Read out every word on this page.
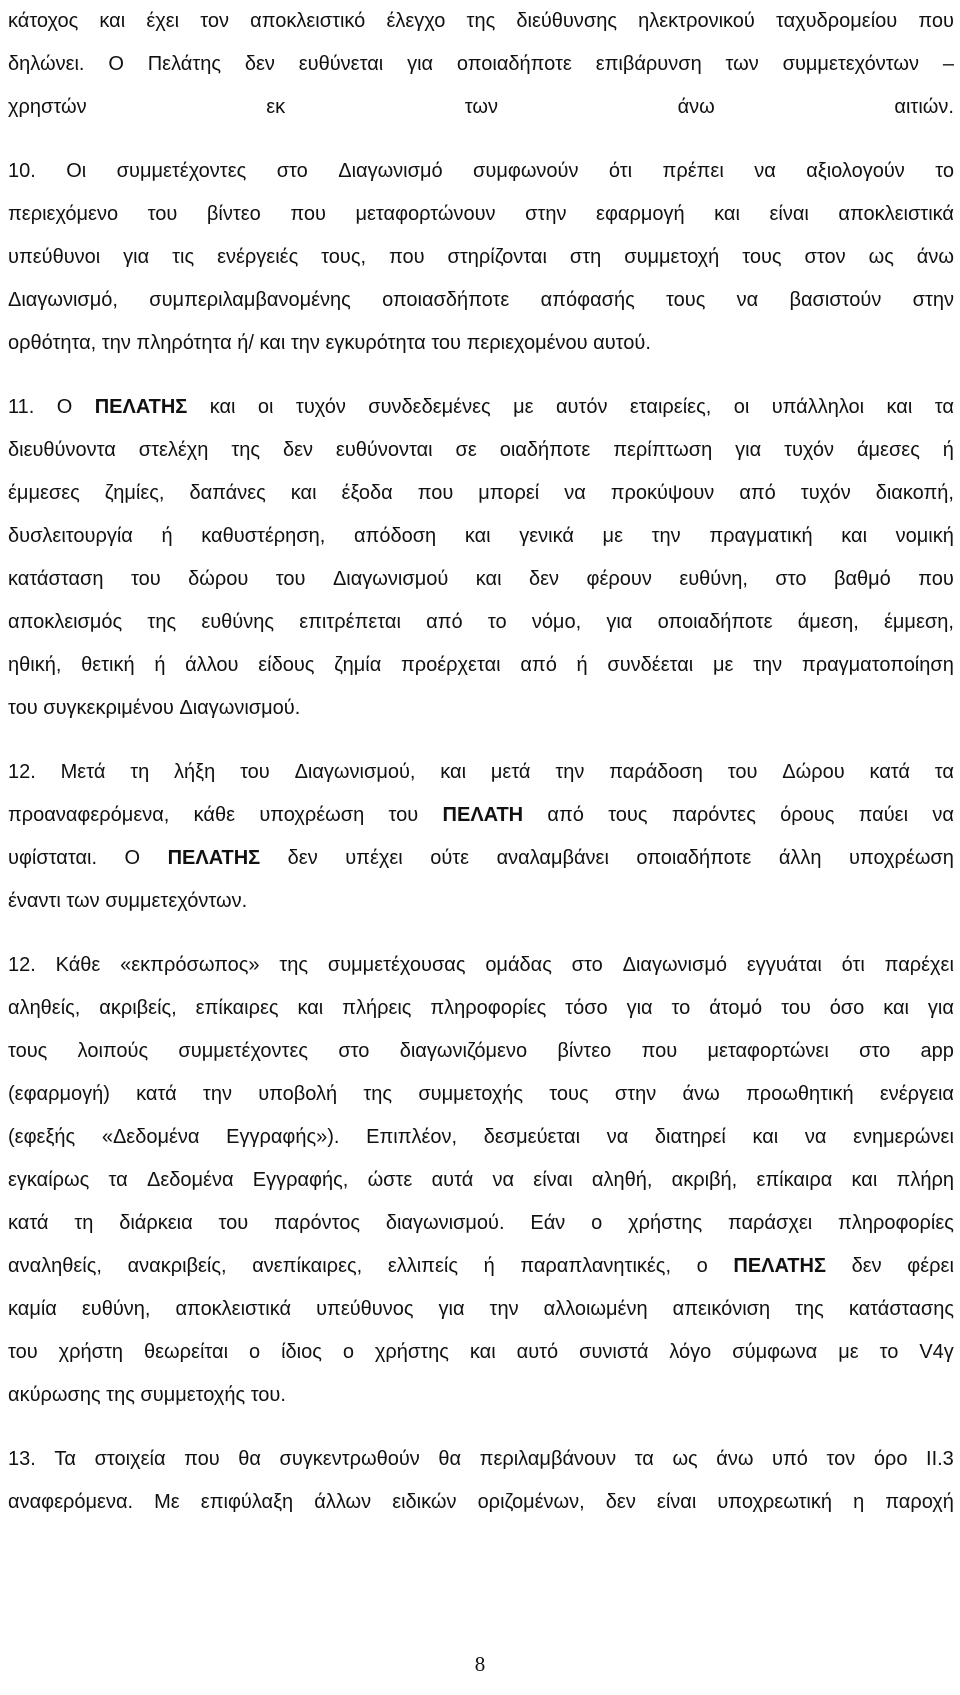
κάτοχος και έχει τον αποκλειστικό έλεγχο της διεύθυνσης ηλεκτρονικού ταχυδρομείου που
δηλώνει. Ο Πελάτης δεν ευθύνεται για οποιαδήποτε επιβάρυνση των συμμετεχόντων –
χρηστών	εκ	των	άνω	αιτιών.
10. Οι συμμετέχοντες στο Διαγωνισμό συμφωνούν ότι πρέπει να αξιολογούν το
περιεχόμενο του βίντεο που μεταφορτώνουν στην εφαρμογή και είναι αποκλειστικά
υπεύθυνοι για τις ενέργειές τους, που στηρίζονται στη συμμετοχή τους στον ως άνω
Διαγωνισμό, συμπεριλαμβανομένης οποιασδήποτε απόφασής τους να βασιστούν στην
ορθότητα,
την
πληρότητα
ή/
και
την
εγκυρότητα
του
περιεχομένου
αυτού.

11. Ο ΠΕΛΑΤΗΣ και οι τυχόν συνδεδεμένες με αυτόν εταιρείες, οι υπάλληλοι και τα
διευθύνοντα στελέχη της δεν ευθύνονται σε οιαδήποτε περίπτωση για τυχόν άμεσες ή
έμμεσες ζημίες, δαπάνες και έξοδα που μπορεί να προκύψουν από τυχόν διακοπή,
δυσλειτουργία ή καθυστέρηση, απόδοση και γενικά με την πραγματική και νομική
κατάσταση του δώρου του Διαγωνισμού και δεν φέρουν ευθύνη, στο βαθμό που
αποκλεισμός της ευθύνης επιτρέπεται από το νόμο, για οποιαδήποτε άμεση, έμμεση,
ηθική, θετική ή άλλου είδους ζημία προέρχεται από ή συνδέεται με την πραγματοποίηση
του
συγκεκριμένου
Διαγωνισμού.

12. Μετά τη λήξη του Διαγωνισμού, και μετά την παράδοση του Δώρου κατά τα
προαναφερόμενα, κάθε υποχρέωση του ΠΕΛΑΤΗ από τους παρόντες όρους παύει να
υφίσταται. Ο ΠΕΛΑΤΗΣ δεν υπέχει ούτε αναλαμβάνει οποιαδήποτε άλλη υποχρέωση
έναντι
των
συμμετεχόντων.

12. Κάθε «εκπρόσωπος» της συμμετέχουσας ομάδας στο Διαγωνισμό εγγυάται ότι παρέχει
αληθείς, ακριβείς, επίκαιρες και πλήρεις πληροφορίες τόσο για το άτομό του όσο και για
τους λοιπούς συμμετέχοντες στο διαγωνιζόμενο βίντεο που μεταφορτώνει στο app
(εφαρμογή) κατά την υποβολή της συμμετοχής τους στην άνω προωθητική ενέργεια
(εφεξής «Δεδομένα Εγγραφής»). Επιπλέον, δεσμεύεται να διατηρεί και να ενημερώνει
εγκαίρως τα Δεδομένα Εγγραφής, ώστε αυτά να είναι αληθή, ακριβή, επίκαιρα και πλήρη
κατά τη διάρκεια του παρόντος διαγωνισμού. Εάν ο χρήστης παράσχει πληροφορίες
αναληθείς, ανακριβείς, ανεπίκαιρες, ελλιπείς ή παραπλανητικές, ο ΠΕΛΑΤΗΣ δεν φέρει
καμία ευθύνη, αποκλειστικά υπεύθυνος για την αλλοιωμένη απεικόνιση της κατάστασης
του χρήστη θεωρείται ο ίδιος ο χρήστης και αυτό συνιστά λόγο σύμφωνα με το V4γ
ακύρωσης
της
συμμετοχής
του.

13. Τα στοιχεία που θα συγκεντρωθούν θα περιλαμβάνουν τα ως άνω υπό τον όρο ΙΙ.3
αναφερόμενα. Με επιφύλαξη άλλων ειδικών οριζομένων, δεν είναι υποχρεωτική η παροχή
8
